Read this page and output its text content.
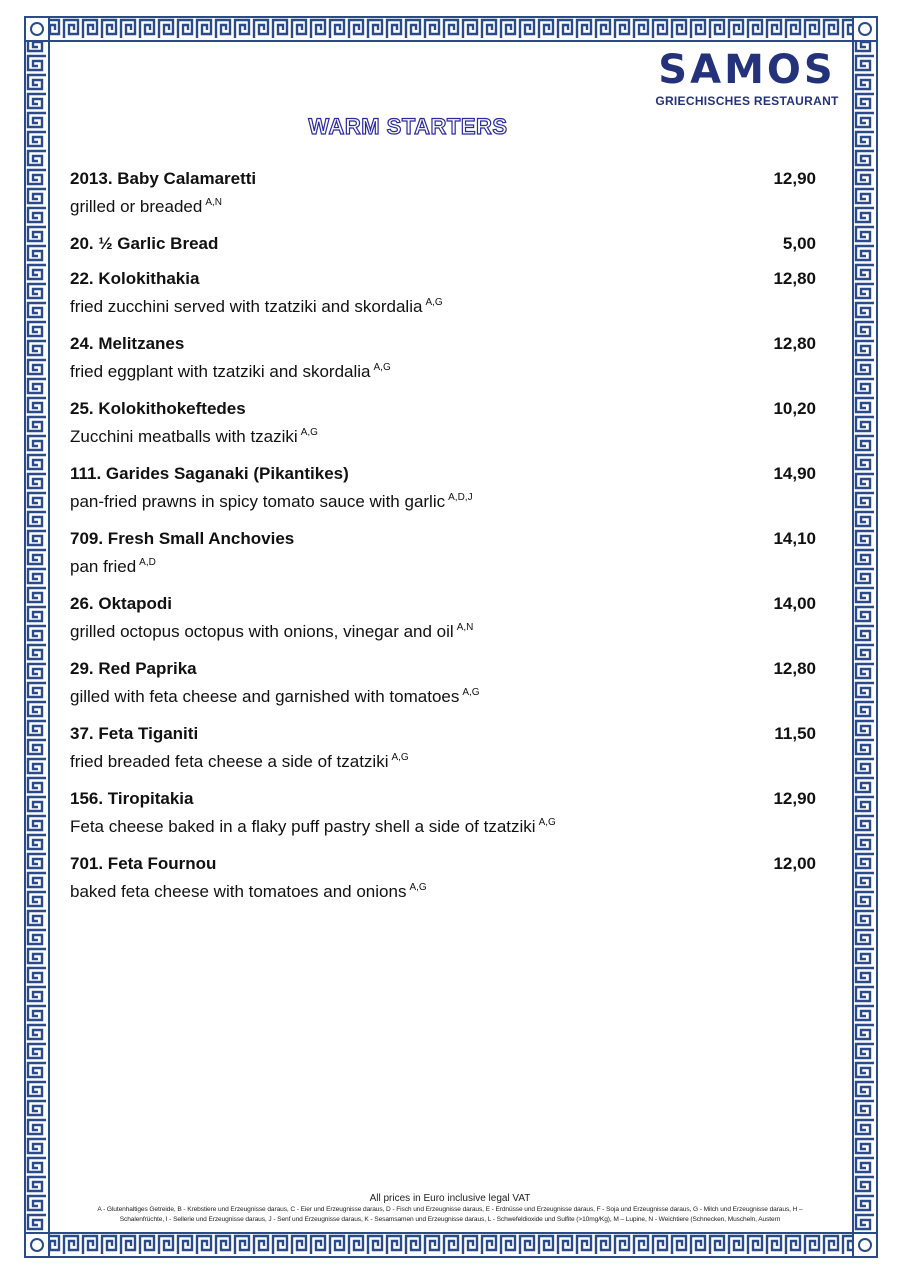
SAMOS
GRIECHISCHES RESTAURANT
WARM STARTERS
2013. Baby Calamaretti	12,90
grilled or breaded $^{A,N}$
20. ½ Garlic Bread	5,00
22. Kolokithakia	12,80
fried zucchini served with tzatziki and skordalia $^{A,G}$
24. Melitzanes	12,80
fried eggplant with tzatziki and skordalia $^{A,G}$
25. Kolokithokeftedes	10,20
Zucchini meatballs with tzaziki $^{A,G}$
111. Garides Saganaki (Pikantikes)	14,90
pan-fried prawns in spicy tomato sauce with garlic $^{A,D,J}$
709. Fresh Small Anchovies	14,10
pan fried $^{A,D}$
26. Oktapodi	14,00
grilled octopus octopus with onions, vinegar and oil $^{A,N}$
29. Red Paprika	12,80
gilled with feta cheese and garnished with tomatoes $^{A,G}$
37. Feta Tiganiti	11,50
fried breaded feta cheese a side of tzatziki $^{A,G}$
156. Tiropitakia	12,90
Feta cheese baked in a flaky puff pastry shell a side of tzatziki $^{A,G}$
701. Feta Fournou	12,00
baked feta cheese with tomatoes and onions $^{A,G}$
All prices in Euro inclusive legal VAT
A - Glutenhaltiges Getreide, B - Krebstiere und Erzeugnisse daraus, C - Eier und Erzeugnisse daraus, D - Fisch und Erzeugnisse daraus, E - Erdnüsse und Erzeugnisse daraus, F - Soja und Erzeugnisse daraus, G - Milch und Erzeugnisse daraus, H –
Schalenfrüchte, I - Sellerie und Erzeugnisse daraus, J - Senf und Erzeugnisse daraus, K - Sesamsamen und Erzeugnisse daraus, L - Schwefeldioxide und Sulfite (>10mg/Kg), M – Lupine, N - Weichtiere (Schnecken, Muscheln, Austern
